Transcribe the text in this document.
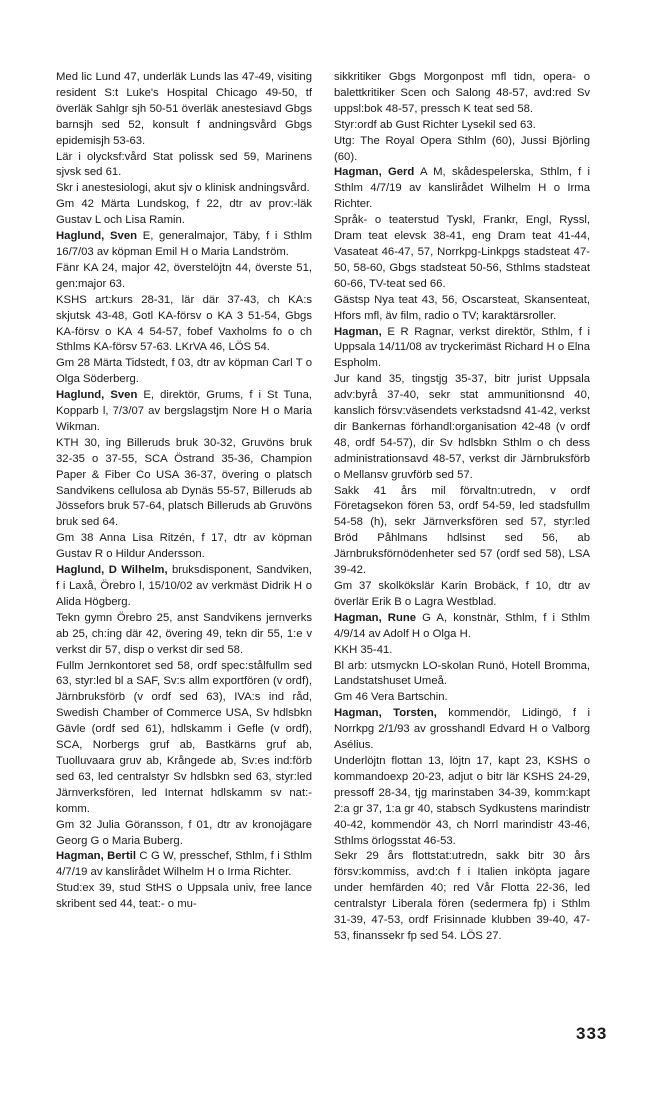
Med lic Lund 47, underläk Lunds las 47-49, visiting resident S:t Luke's Hospital Chicago 49-50, tf överläk Sahlgr sjh 50-51 överläk anestesiavd Gbgs barnsjh sed 52, konsult f andningsvård Gbgs epidemisjh 53-63.

Lär i olycksf:vård Stat polissk sed 59, Marinens sjvsk sed 61.

Skr i anestesiologi, akut sjv o klinisk andningsvård.

Gm 42 Märta Lundskog, f 22, dtr av prov:-läk Gustav L och Lisa Ramin.

Haglund, Sven E, generalmajor, Täby, f i Sthlm 16/7/03 av köpman Emil H o Maria Landström.

Fänr KA 24, major 42, överstelöjtn 44, överste 51, gen:major 63.

KSHS art:kurs 28-31, lär där 37-43, ch KA:s skjutsk 43-48, Gotl KA-försv o KA 3 51-54, Gbgs KA-försv o KA 4 54-57, fobef Vaxholms fo o ch Sthlms KA-försv 57-63. LKrVA 46, LÖS 54.

Gm 28 Märta Tidstedt, f 03, dtr av köpman Carl T o Olga Söderberg.

Haglund, Sven E, direktör, Grums, f i St Tuna, Kopparb l, 7/3/07 av bergslagstjm Nore H o Maria Wikman.

KTH 30, ing Billeruds bruk 30-32, Gruvöns bruk 32-35 o 37-55, SCA Östrand 35-36, Champion Paper & Fiber Co USA 36-37, övering o platsch Sandvikens cellulosa ab Dynäs 55-57, Billeruds ab Jössefors bruk 57-64, platsch Billeruds ab Gruvöns bruk sed 64.

Gm 38 Anna Lisa Ritzén, f 17, dtr av köpman Gustav R o Hildur Andersson.

Haglund, D Wilhelm, bruksdisponent, Sandviken, f i Laxå, Örebro l, 15/10/02 av verkmäst Didrik H o Alida Högberg.

Tekn gymn Örebro 25, anst Sandvikens jernverks ab 25, ch:ing där 42, övering 49, tekn dir 55, 1:e v verkst dir 57, disp o verkst dir sed 58.

Fullm Jernkontoret sed 58, ordf spec:stålfullm sed 63, styr:led bl a SAF, Sv:s allm exportfören (v ordf), Järnbruksförb (v ordf sed 63), IVA:s ind råd, Swedish Chamber of Commerce USA, Sv hdlsbkn Gävle (ordf sed 61), hdlskamm i Gefle (v ordf), SCA, Norbergs gruf ab, Bastkärns gruf ab, Tuolluvaara gruv ab, Krångede ab, Sv:es ind:förb sed 63, led centralstyr Sv hdlsbkn sed 63, styr:led Järnverksfören, led Internat hdlskamm sv nat:-komm.

Gm 32 Julia Göransson, f 01, dtr av kronojägare Georg G o Maria Buberg.

Hagman, Bertil C G W, presschef, Sthlm, f i Sthlm 4/7/19 av kanslirådet Wilhelm H o Irma Richter.

Stud:ex 39, stud StHS o Uppsala univ, free lance skribent sed 44, teat:- o mu-

sikkritiker Gbgs Morgonpost mfl tidn, opera- o balettkritiker Scen och Salong 48-57, avd:red Sv uppsl:bok 48-57, pressch K teat sed 58.

Styr:ordf ab Gust Richter Lysekil sed 63.

Utg: The Royal Opera Sthlm (60), Jussi Björling (60).

Hagman, Gerd A M, skådespelerska, Sthlm, f i Sthlm 4/7/19 av kanslirådet Wilhelm H o Irma Richter.

Språk- o teaterstud Tyskl, Frankr, Engl, Ryssl, Dram teat elevsk 38-41, eng Dram teat 41-44, Vasateat 46-47, 57, Norrkpg-Linkpgs stadsteat 47-50, 58-60, Gbgs stadsteat 50-56, Sthlms stadsteat 60-66, TV-teat sed 66.

Gästsp Nya teat 43, 56, Oscarsteat, Skansenteat, Hfors mfl, äv film, radio o TV; karaktärsroller.

Hagman, E R Ragnar, verkst direktör, Sthlm, f i Uppsala 14/11/08 av tryckerimäst Richard H o Elna Espholm.

Jur kand 35, tingstjg 35-37, bitr jurist Uppsala adv:byrå 37-40, sekr stat ammunitionsnd 40, kanslich försv:väsendets verkstadsnd 41-42, verkst dir Bankernas förhandl:organisation 42-48 (v ordf 48, ordf 54-57), dir Sv hdlsbkn Sthlm o ch dess administrationsavd 48-57, verkst dir Järnbruksförb o Mellansv gruvförb sed 57.

Sakk 41 års mil förvaltn:utredn, v ordf Företagsekon fören 53, ordf 54-59, led stadsfullm 54-58 (h), sekr Järnverksfören sed 57, styr:led Bröd Påhlmans hdlsinst sed 56, ab Järnbruksförnödenheter sed 57 (ordf sed 58), LSA 39-42.

Gm 37 skolkökslär Karin Brobäck, f 10, dtr av överlär Erik B o Lagra Westblad.

Hagman, Rune G A, konstnär, Sthlm, f i Sthlm 4/9/14 av Adolf H o Olga H.

KKH 35-41.

Bl arb: utsmyckn LO-skolan Runö, Hotell Bromma, Landstatshuset Umeå.

Gm 46 Vera Bartschin.

Hagman, Torsten, kommendör, Lidingö, f i Norrkpg 2/1/93 av grosshandl Edvard H o Valborg Asélius.

Underlöjtn flottan 13, löjtn 17, kapt 23, KSHS o kommandoexp 20-23, adjut o bitr lär KSHS 24-29, pressoff 28-34, tjg marinstaben 34-39, komm:kapt 2:a gr 37, 1:a gr 40, stabsch Sydkustens marindistr 40-42, kommendör 43, ch Norrl marindistr 43-46, Sthlms örlogsstat 46-53.

Sekr 29 års flottstat:utredn, sakk bitr 30 års försv:kommiss, avd:ch f i Italien inköpta jagare under hemfärden 40; red Vår Flotta 22-36, led centralstyr Liberala fören (sedermera fp) i Sthlm 31-39, 47-53, ordf Frisinnade klubben 39-40, 47-53, finanssekr fp sed 54. LÖS 27.

333
